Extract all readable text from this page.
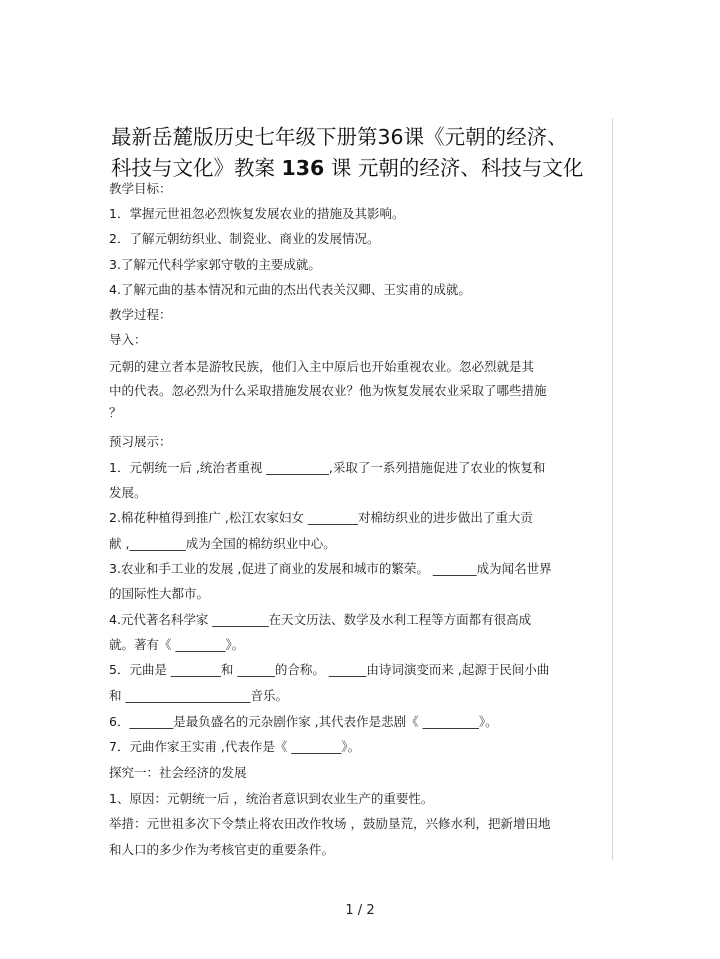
最新岳麓版历史七年级下册第36课《元朝的经济、
科技与文化》教案 136 课 元朝的经济、科技与文化
教学目标：
1．掌握元世祖忽必烈恢复发展农业的措施及其影响。
2．了解元朝纺织业、制瓷业、商业的发展情况。
3.了解元代科学家郭守敬的主要成就。
4.了解元曲的基本情况和元曲的杰出代表关汉卿、王实甫的成就。
教学过程：
导入：
元朝的建立者本是游牧民族，他们入主中原后也开始重视农业。忽必烈就是其
中的代表。忽必烈为什么采取措施发展农业？他为恢复发展农业采取了哪些措施
？
预习展示：
1．元朝统一后 ,统治者重视 __________,采取了一系列措施促进了农业的恢复和
发展。
2.棉花种植得到推广 ,松江农家妇女 ________对棉纺织业的进步做出了重大贡
献 ,_________成为全国的棉纺织业中心。
3.农业和手工业的发展 ,促进了商业的发展和城市的繁荣。 _______成为闻名世界
的国际性大都市。
4.元代著名科学家 _________在天文历法、数学及水利工程等方面都有很高成
就。著有《 ________》。
5．元曲是 ________和 ______的合称。 ______由诗词演变而来 ,起源于民间小曲
和 ____________________音乐。
6．_______是最负盛名的元杂剧作家 ,其代表作是悲剧《 _________》。
7．元曲作家王实甫 ,代表作是《 ________》。
探究一：社会经济的发展
1、原因：元朝统一后 ，统治者意识到农业生产的重要性。
举措：元世祖多次下令禁止将农田改作牧场 ，鼓励垦荒，兴修水利，把新增田地
和人口的多少作为考核官吏的重要条件。
1 / 2
